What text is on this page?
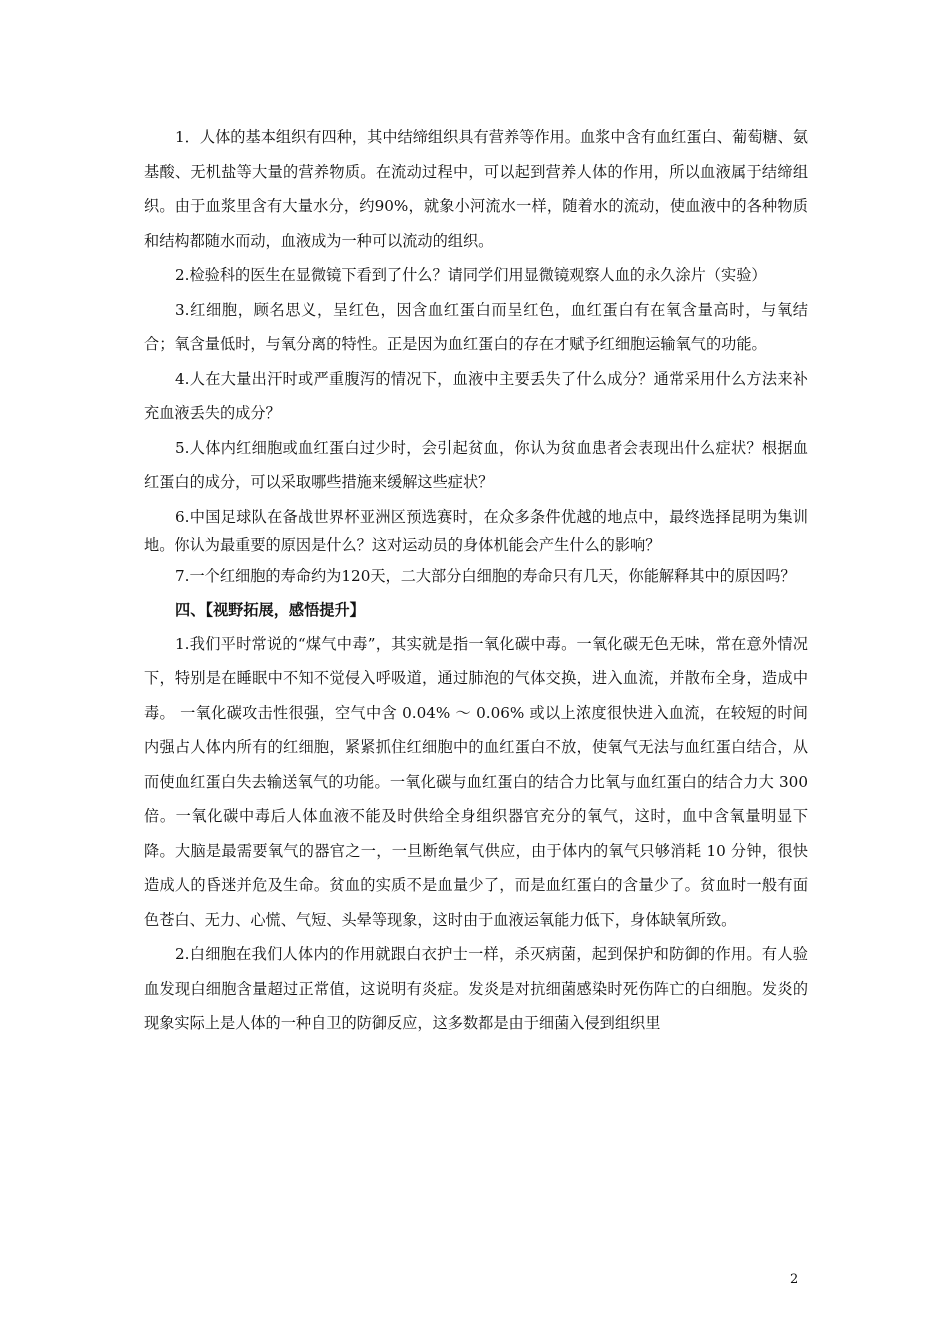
1．人体的基本组织有四种，其中结缔组织具有营养等作用。血浆中含有血红蛋白、葡萄糖、氨基酸、无机盐等大量的营养物质。在流动过程中，可以起到营养人体的作用，所以血液属于结缔组织。由于血浆里含有大量水分，约90%，就象小河流水一样，随着水的流动，使血液中的各种物质和结构都随水而动，血液成为一种可以流动的组织。

2.检验科的医生在显微镜下看到了什么？请同学们用显微镜观察人血的永久涂片（实验）

3.红细胞，顾名思义，呈红色，因含血红蛋白而呈红色，血红蛋白有在氧含量高时，与氧结合；氧含量低时，与氧分离的特性。正是因为血红蛋白的存在才赋予红细胞运输氧气的功能。

4.人在大量出汗时或严重腹泻的情况下，血液中主要丢失了什么成分？通常采用什么方法来补充血液丢失的成分？

5.人体内红细胞或血红蛋白过少时，会引起贫血，你认为贫血患者会表现出什么症状？根据血红蛋白的成分，可以采取哪些措施来缓解这些症状？

6.中国足球队在备战世界杯亚洲区预选赛时，在众多条件优越的地点中，最终选择昆明为集训地。你认为最重要的原因是什么？这对运动员的身体机能会产生什么的影响？

7.一个红细胞的寿命约为120天，二大部分白细胞的寿命只有几天，你能解释其中的原因吗？

四、【视野拓展，感悟提升】

1.我们平时常说的“煤气中毒”，其实就是指一氧化碳中毒。一氧化碳无色无味，常在意外情况下，特别是在睡眠中不知不觉侵入呼吸道，通过肺泡的气体交换，进入血流，并散布全身，造成中毒。 一氧化碳攻击性很强，空气中含 0.04% ～ 0.06% 或以上浓度很快进入血流，在较短的时间内强占人体内所有的红细胞，紧紧抓住红细胞中的血红蛋白不放，使氧气无法与血红蛋白结合，从而使血红蛋白失去输送氧气的功能。一氧化碳与血红蛋白的结合力比氧与血红蛋白的结合力大 300 倍。一氧化碳中毒后人体血液不能及时供给全身组织器官充分的氧气，这时，血中含氧量明显下降。大脑是最需要氧气的器官之一，一旦断绝氧气供应，由于体内的氧气只够消耗 10 分钟，很快造成人的昏迷并危及生命。贫血的实质不是血量少了，而是血红蛋白的含量少了。贫血时一般有面色苍白、无力、心慌、气短、头晕等现象，这时由于血液运氧能力低下，身体缺氧所致。

2.白细胞在我们人体内的作用就跟白衣护士一样，杀灭病菌，起到保护和防御的作用。有人验血发现白细胞含量超过正常值，这说明有炎症。发炎是对抗细菌感染时死伤阵亡的白细胞。发炎的现象实际上是人体的一种自卫的防御反应，这多数都是由于细菌入侵到组织里

2
